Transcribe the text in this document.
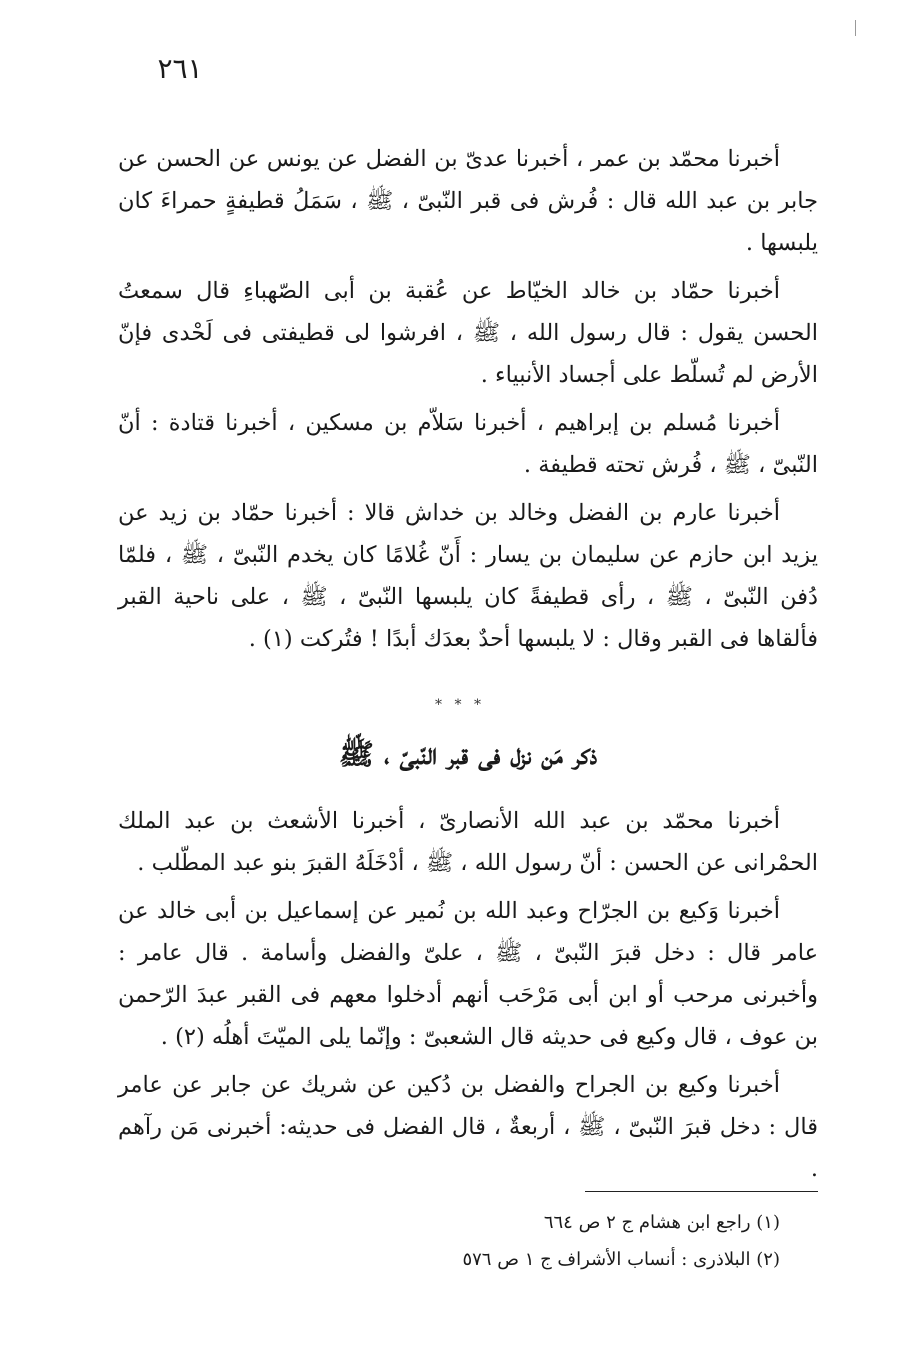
٢٦١

أخبرنا محمّد بن عمر ، أخبرنا عدىّ بن الفضل عن يونس عن الحسن عن جابر بن عبد الله قال : فُرش فى قبر النّبىّ ، ﷺ ، سَمَلُ قطيفةٍ حمراءَ كان يلبسها .

أخبرنا حمّاد بن خالد الخيّاط عن عُقبة بن أبى الصّهباءِ قال سمعتُ الحسن يقول : قال رسول الله ، ﷺ ، افرشوا لى قطيفتى فى لَحْدى فإنّ الأرض لم تُسلّط على أجساد الأنبياء .

أخبرنا مُسلم بن إبراهيم ، أخبرنا سَلاّم بن مسكين ، أخبرنا قتادة : أنّ النّبىّ ، ﷺ ، فُرش تحته قطيفة .

أخبرنا عارم بن الفضل وخالد بن خداش قالا : أخبرنا حمّاد بن زيد عن يزيد ابن حازم عن سليمان بن يسار : أَنّ غُلامًا كان يخدم النّبىّ ، ﷺ ، فلمّا دُفن النّبىّ ، ﷺ ، رأى قطيفةً كان يلبسها النّبىّ ، ﷺ ، على ناحية القبر فألقاها فى القبر وقال : لا يلبسها أحدٌ بعدَك أبدًا ! فتُركت (١) .

* * *
ذكر مَن نزل فى قبر النّبىّ ، ﷺ

أخبرنا محمّد بن عبد الله الأنصارىّ ، أخبرنا الأشعث بن عبد الملك الحمْرانى عن الحسن : أنّ رسول الله ، ﷺ ، أدْخَلَهُ القبرَ بنو عبد المطّلب .

أخبرنا وَكيع بن الجرّاح وعبد الله بن نُمير عن إسماعيل بن أبى خالد عن عامر قال : دخل قبرَ النّبىّ ، ﷺ ، علىّ والفضل وأسامة . قال عامر : وأخبرنى مرحب أو ابن أبى مَرْحَب أنهم أدخلوا معهم فى القبر عبدَ الرّحمن بن عوف ، قال وكيع فى حديثه قال الشعبىّ : وإنّما يلى الميّتَ أهلُه (٢) .

أخبرنا وكيع بن الجراح والفضل بن دُكين عن شريك عن جابر عن عامر قال : دخل قبرَ النّبىّ ، ﷺ ، أربعةٌ ، قال الفضل فى حديثه: أخبرنى مَن رآهم .

(١) راجع ابن هشام ج ٢ ص ٦٦٤

(٢) البلاذرى : أنساب الأشراف ج ١ ص ٥٧٦
